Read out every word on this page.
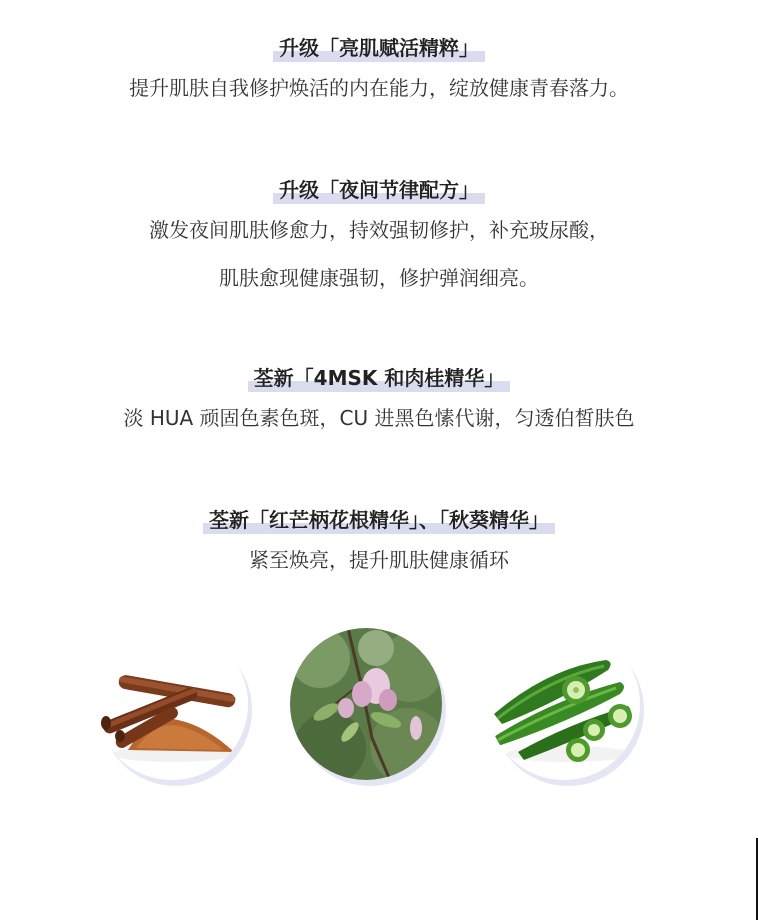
升级「亮肌赋活精粹」
提升肌肤自我修护焕活的内在能力，绽放健康青春落力。
升级「夜间节律配方」
激发夜间肌肤修愈力，持效强韧修护，补充玻尿酸，
肌肤愈现健康强韧，修护弹润细亮。
荃新「4MSK 和肉桂精华」
淡 HUA 顽固色素色斑，CU 进黑色愫代谢，匀透伯皙肤色
荃新「红芒柄花根精华」、「秋葵精华」
紧至焕亮，提升肌肤健康循环
